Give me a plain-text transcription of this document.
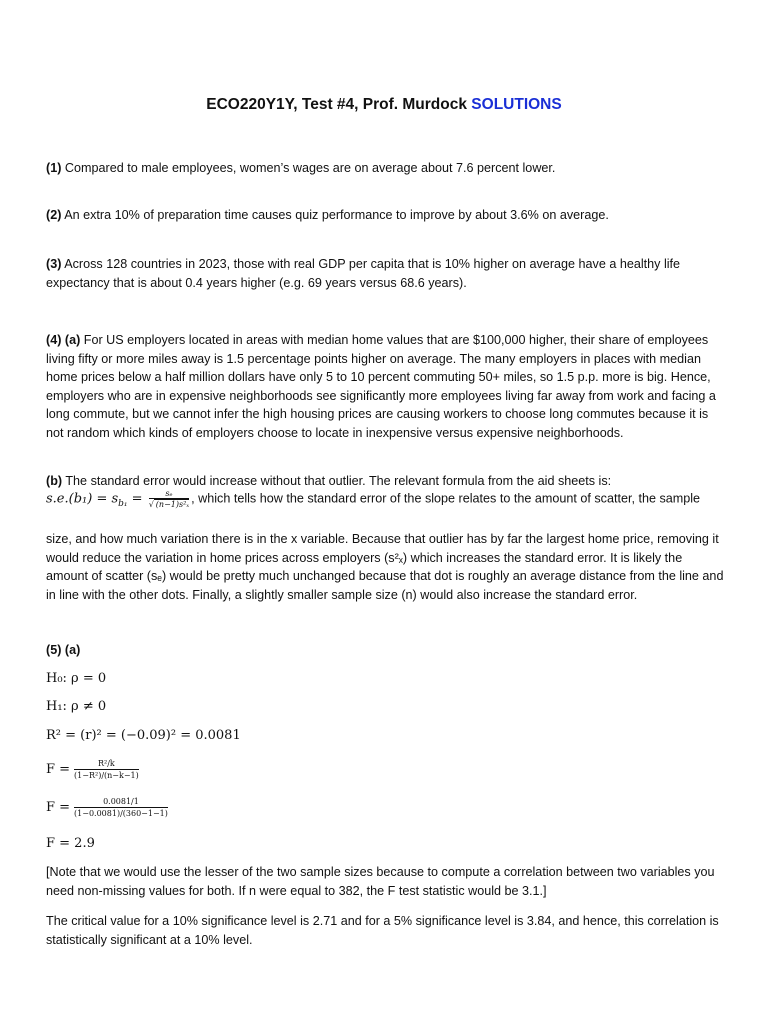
ECO220Y1Y, Test #4, Prof. Murdock SOLUTIONS
(1) Compared to male employees, women’s wages are on average about 7.6 percent lower.
(2) An extra 10% of preparation time causes quiz performance to improve by about 3.6% on average.
(3) Across 128 countries in 2023, those with real GDP per capita that is 10% higher on average have a healthy life expectancy that is about 0.4 years higher (e.g. 69 years versus 68.6 years).
(4) (a) For US employers located in areas with median home values that are $100,000 higher, their share of employees living fifty or more miles away is 1.5 percentage points higher on average. The many employers in places with median home prices below a half million dollars have only 5 to 10 percent commuting 50+ miles, so 1.5 p.p. more is big. Hence, employers who are in expensive neighborhoods see significantly more employees living far away from work and facing a long commute, but we cannot infer the high housing prices are causing workers to choose long commutes because it is not random which kinds of employers choose to locate in inexpensive versus expensive neighborhoods.
(b) The standard error would increase without that outlier. The relevant formula from the aid sheets is:
$s.e.(b_1) = s_{b_1} = \frac{\text{sₑ}}{\text{√ (n−1)s²ₓ}}$ , which tells how the standard error of the slope relates to the amount of scatter, the sample
size, and how much variation there is in the x variable. Because that outlier has by far the largest home price, removing it would reduce the variation in home prices across employers (s²ₓ) which increases the standard error. It is likely the amount of scatter (sₑ) would be pretty much unchanged because that dot is roughly an average distance from the line and in line with the other dots. Finally, a slightly smaller sample size (n) would also increase the standard error.
(5) (a)
H₀: ρ = 0
H₁: ρ ≠ 0
R² = (r)² = (−0.09)² = 0.0081
$F = \frac{\text{R²/k}}{\text{(1−R²)/(n−k−1)}}$
$F = \frac{0.0081/1}{(1-0.0081)/(360-1-1)}$
F = 2.9
[Note that we would use the lesser of the two sample sizes because to compute a correlation between two variables you need non-missing values for both. If n were equal to 382, the F test statistic would be 3.1.]
The critical value for a 10% significance level is 2.71 and for a 5% significance level is 3.84, and hence, this correlation is statistically significant at a 10% level.
